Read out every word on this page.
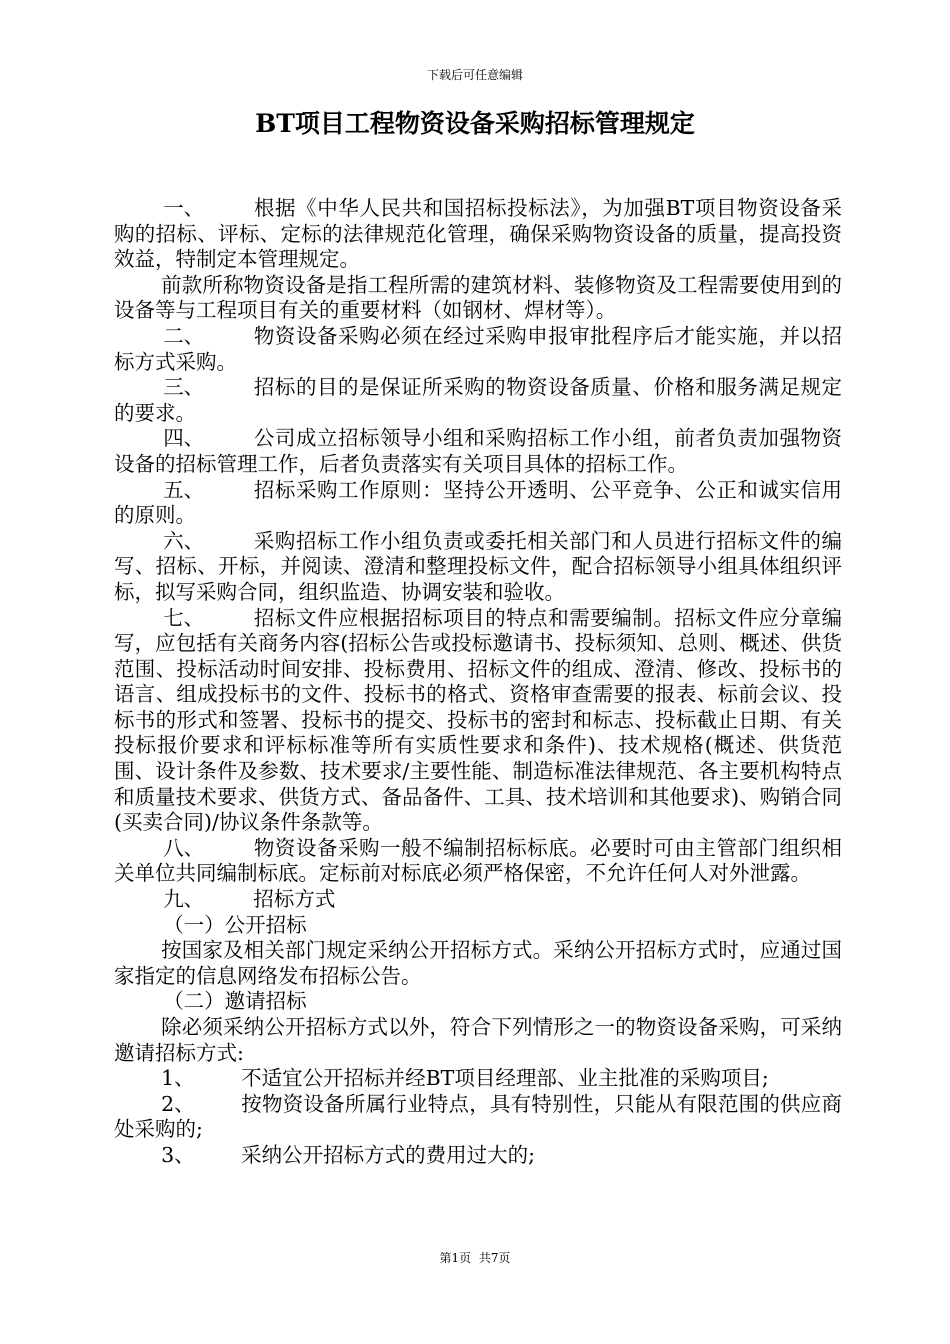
下载后可任意编辑
BT项目工程物资设备采购招标管理规定

一、 根据《中华人民共和国招标投标法》，为加强BT项目物资设备采购的招标、评标、定标的法律规范化管理，确保采购物资设备的质量，提高投资效益，特制定本管理规定。

前款所称物资设备是指工程所需的建筑材料、装修物资及工程需要使用到的设备等与工程项目有关的重要材料（如钢材、焊材等）。

二、 物资设备采购必须在经过采购申报审批程序后才能实施，并以招标方式采购。

三、 招标的目的是保证所采购的物资设备质量、价格和服务满足规定的要求。

四、 公司成立招标领导小组和采购招标工作小组，前者负责加强物资设备的招标管理工作，后者负责落实有关项目具体的招标工作。

五、 招标采购工作原则：坚持公开透明、公平竞争、公正和诚实信用的原则。

六、 采购招标工作小组负责或委托相关部门和人员进行招标文件的编写、招标、开标，并阅读、澄清和整理投标文件，配合招标领导小组具体组织评标，拟写采购合同，组织监造、协调安装和验收。

七、 招标文件应根据招标项目的特点和需要编制。招标文件应分章编写，应包括有关商务内容(招标公告或投标邀请书、投标须知、总则、概述、供货范围、投标活动时间安排、投标费用、招标文件的组成、澄清、修改、投标书的语言、组成投标书的文件、投标书的格式、资格审查需要的报表、标前会议、投标书的形式和签署、投标书的提交、投标书的密封和标志、投标截止日期、有关投标报价要求和评标标准等所有实质性要求和条件)、技术规格(概述、供货范围、设计条件及参数、技术要求/主要性能、制造标准法律规范、各主要机构特点和质量技术要求、供货方式、备品备件、工具、技术培训和其他要求)、购销合同(买卖合同)/协议条件条款等。

八、 物资设备采购一般不编制招标标底。必要时可由主管部门组织相关单位共同编制标底。定标前对标底必须严格保密，不允许任何人对外泄露。

九、 招标方式

（一）公开招标

按国家及相关部门规定采纳公开招标方式。采纳公开招标方式时，应通过国家指定的信息网络发布招标公告。

（二）邀请招标

除必须采纳公开招标方式以外，符合下列情形之一的物资设备采购，可采纳邀请招标方式:

1、 不适宜公开招标并经BT项目经理部、业主批准的采购项目;

2、 按物资设备所属行业特点，具有特别性，只能从有限范围的供应商处采购的;

3、 采纳公开招标方式的费用过大的;

第1页 共7页
